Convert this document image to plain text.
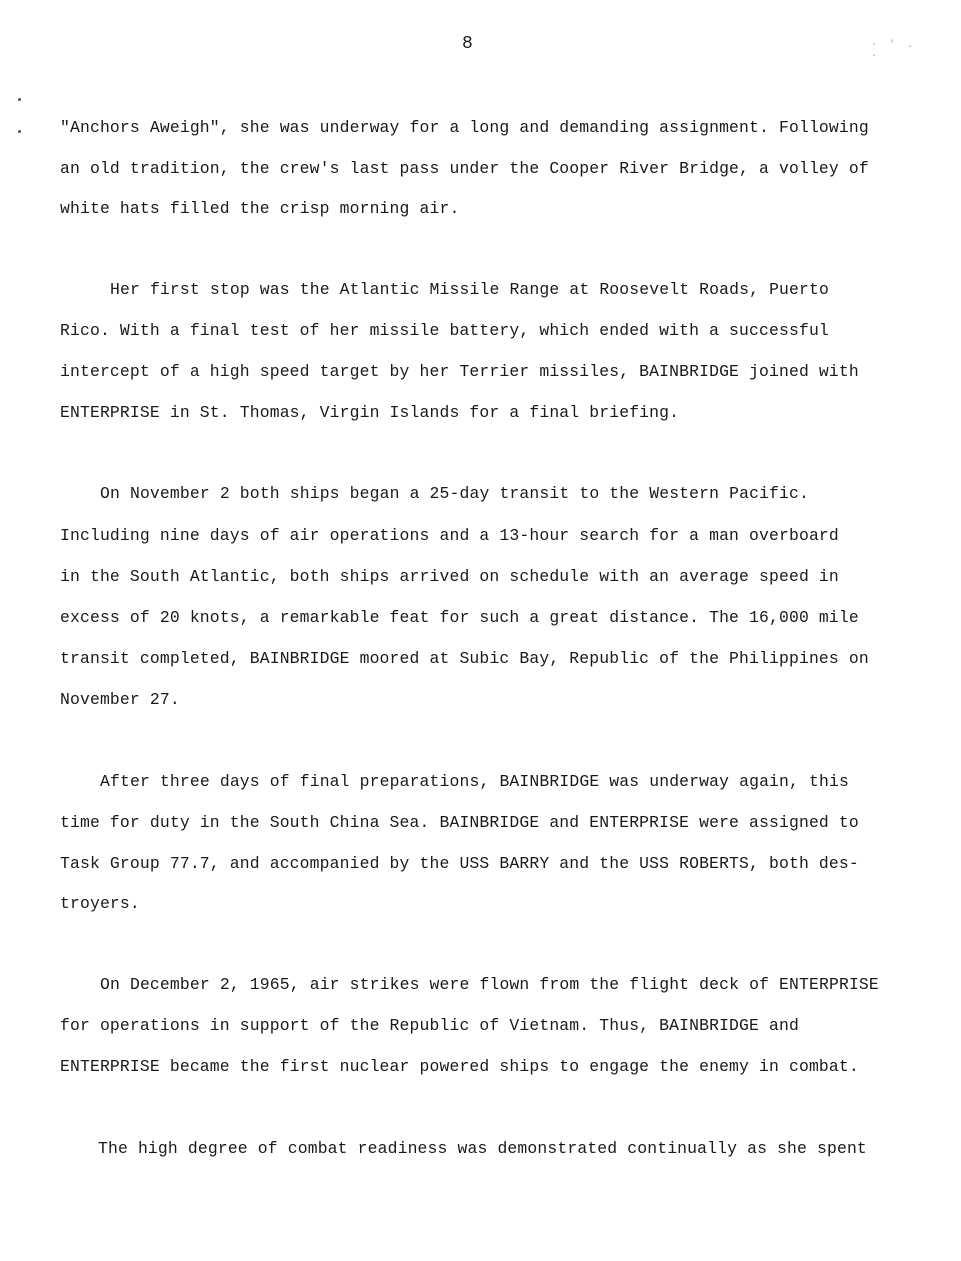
· ' . ·
8
"Anchors Aweigh", she was underway for a long and demanding assignment. Following
an old tradition, the crew's last pass under the Cooper River Bridge, a volley of
white hats filled the crisp morning air.
Her first stop was the Atlantic Missile Range at Roosevelt Roads, Puerto
Rico. With a final test of her missile battery, which ended with a successful
intercept of a high speed target by her Terrier missiles, BAINBRIDGE joined with
ENTERPRISE in St. Thomas, Virgin Islands for a final briefing.
On November 2 both ships began a 25-day transit to the Western Pacific.
Including nine days of air operations and a 13-hour search for a man overboard
in the South Atlantic, both ships arrived on schedule with an average speed in
excess of 20 knots, a remarkable feat for such a great distance. The 16,000 mile
transit completed, BAINBRIDGE moored at Subic Bay, Republic of the Philippines on
November 27.
After three days of final preparations, BAINBRIDGE was underway again, this
time for duty in the South China Sea. BAINBRIDGE and ENTERPRISE were assigned to
Task Group 77.7, and accompanied by the USS BARRY and the USS ROBERTS, both des-
troyers.
On December 2, 1965, air strikes were flown from the flight deck of ENTERPRISE
for operations in support of the Republic of Vietnam. Thus, BAINBRIDGE and
ENTERPRISE became the first nuclear powered ships to engage the enemy in combat.
The high degree of combat readiness was demonstrated continually as she spent
